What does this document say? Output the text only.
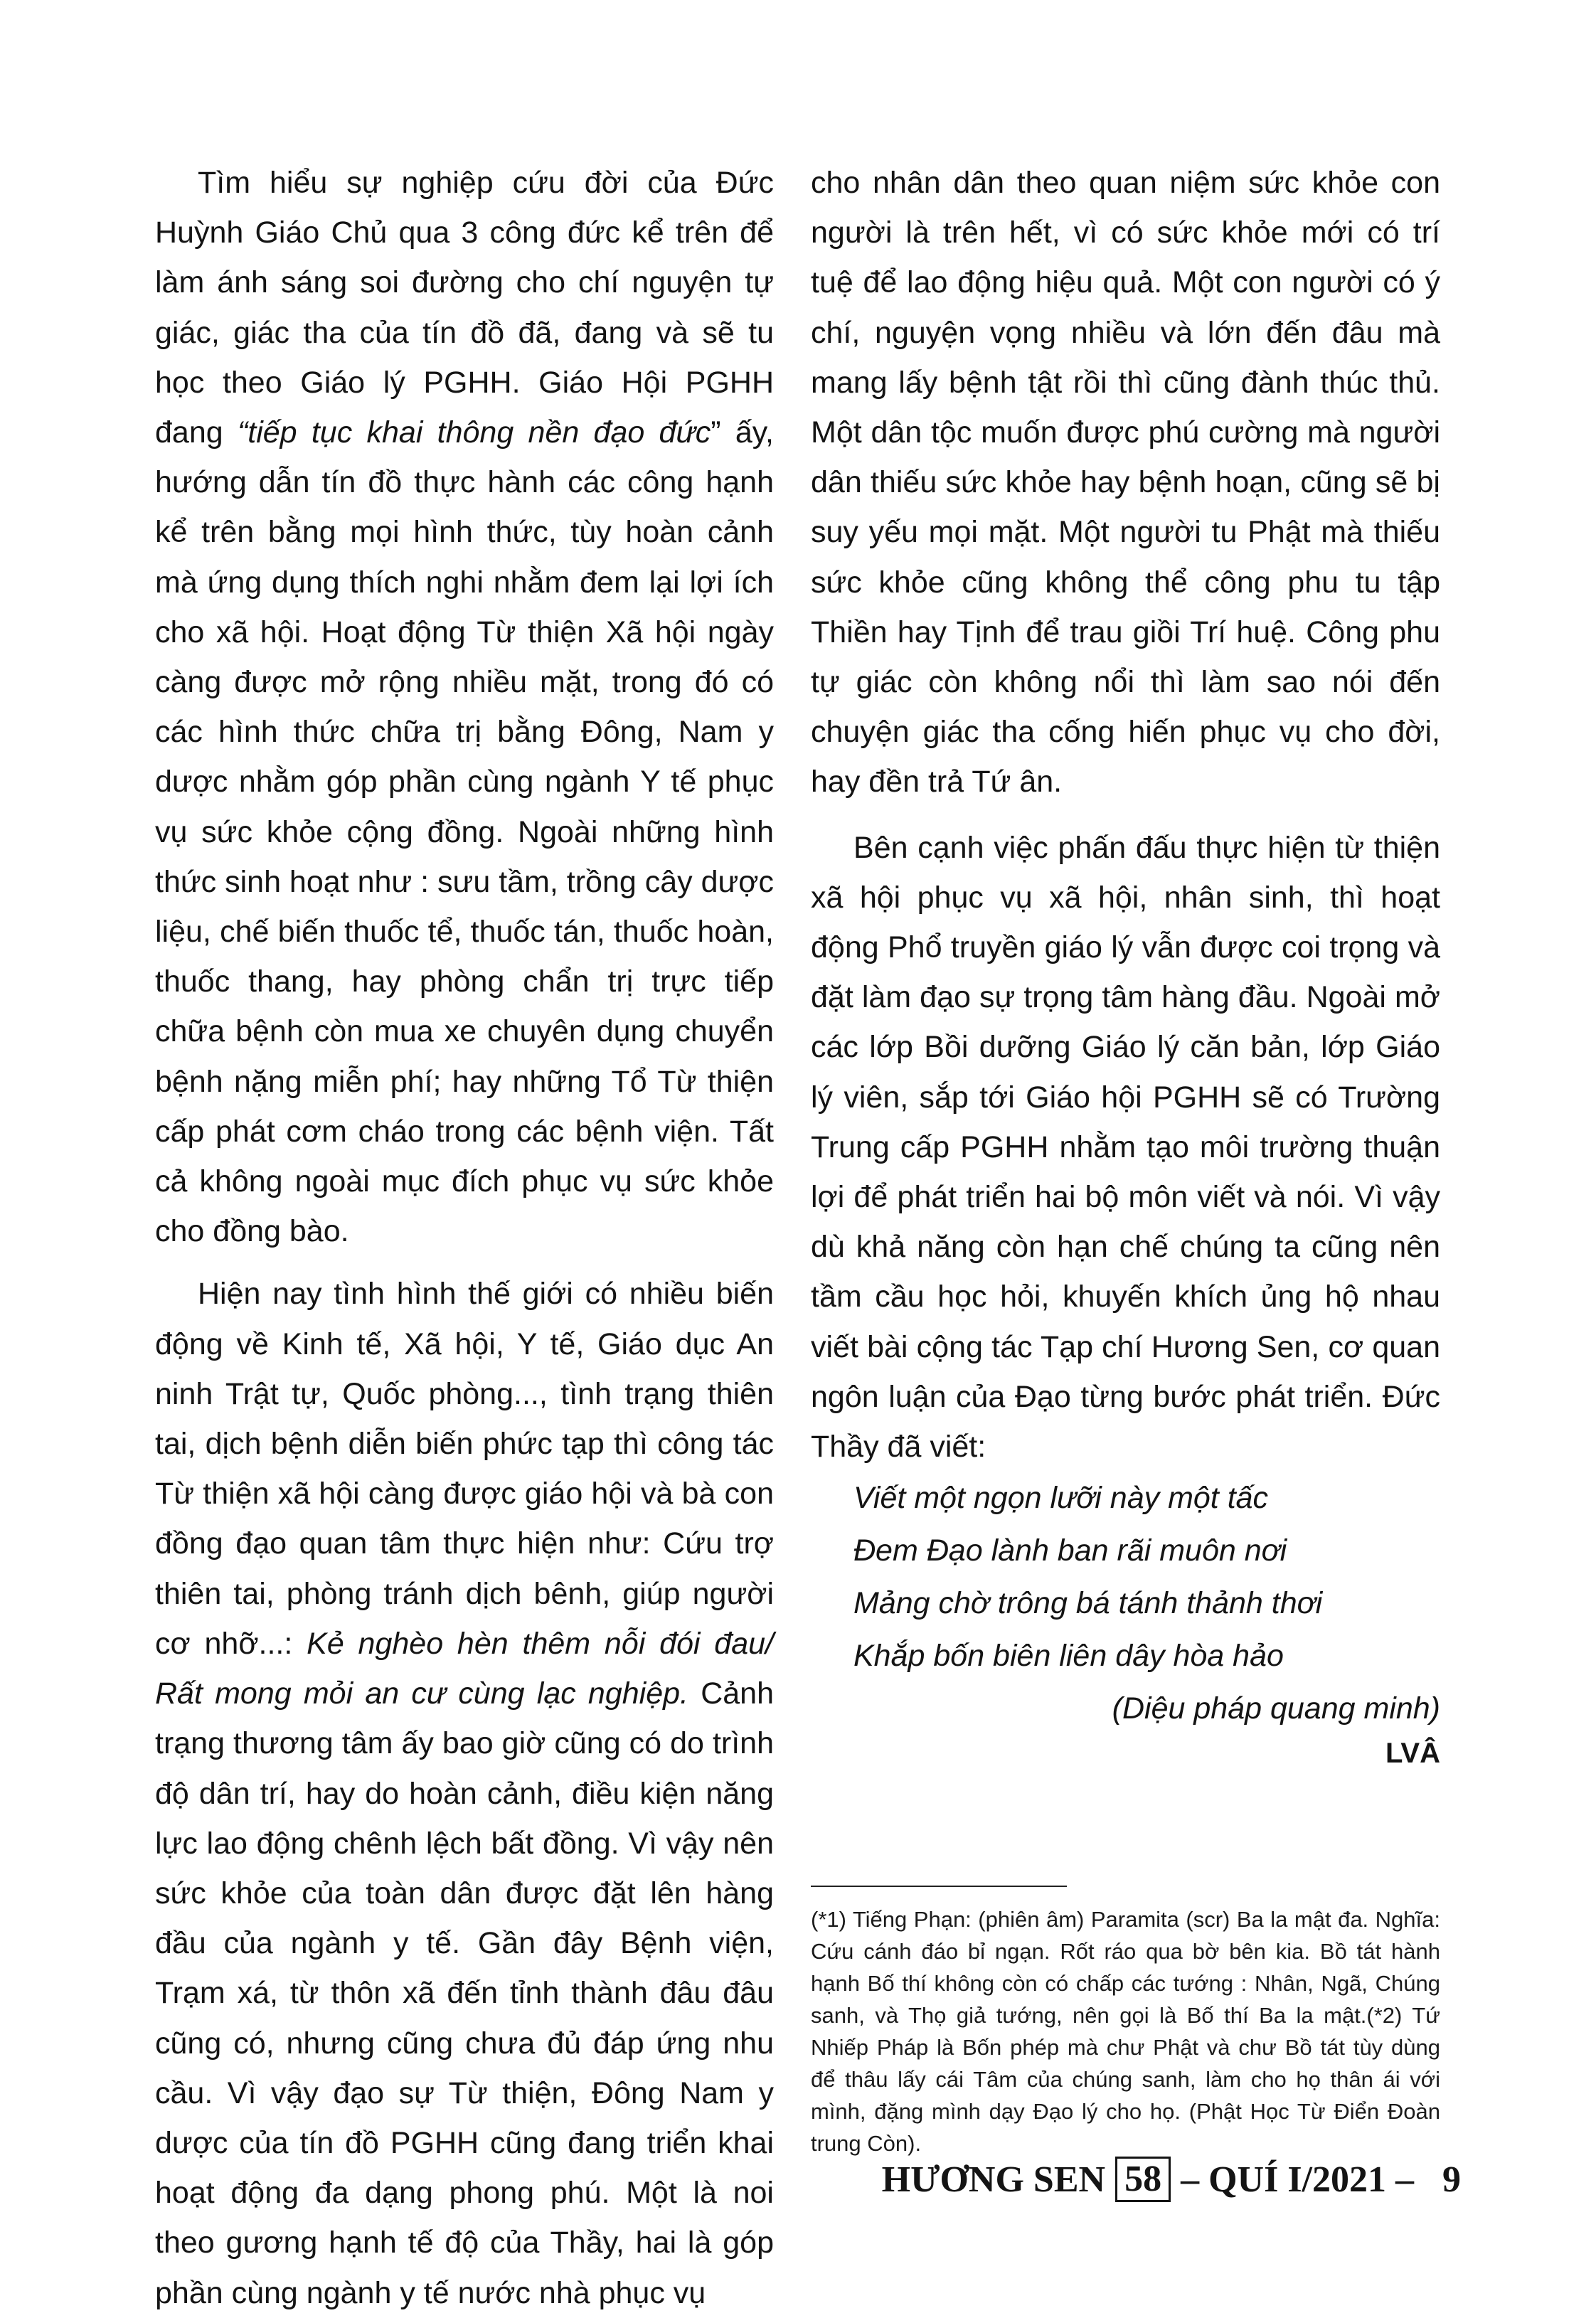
Tìm hiểu sự nghiệp cứu đời của Đức Huỳnh Giáo Chủ qua 3 công đức kể trên để làm ánh sáng soi đường cho chí nguyện tự giác, giác tha của tín đồ đã, đang và sẽ tu học theo Giáo lý PGHH. Giáo Hội PGHH đang “tiếp tục khai thông nền đạo đức” ấy, hướng dẫn tín đồ thực hành các công hạnh kể trên bằng mọi hình thức, tùy hoàn cảnh mà ứng dụng thích nghi nhằm đem lại lợi ích cho xã hội. Hoạt động Từ thiện Xã hội ngày càng được mở rộng nhiều mặt, trong đó có các hình thức chữa trị bằng Đông, Nam y dược nhằm góp phần cùng ngành Y tế phục vụ sức khỏe cộng đồng. Ngoài những hình thức sinh hoạt như : sưu tầm, trồng cây dược liệu, chế biến thuốc tể, thuốc tán, thuốc hoàn, thuốc thang, hay phòng chẩn trị trực tiếp chữa bệnh còn mua xe chuyên dụng chuyển bệnh nặng miễn phí; hay những Tổ Từ thiện cấp phát cơm cháo trong các bệnh viện. Tất cả không ngoài mục đích phục vụ sức khỏe cho đồng bào.

Hiện nay tình hình thế giới có nhiều biến động về Kinh tế, Xã hội, Y tế, Giáo dục An ninh Trật tự, Quốc phòng..., tình trạng thiên tai, dịch bệnh diễn biến phức tạp thì công tác Từ thiện xã hội càng được giáo hội và bà con đồng đạo quan tâm thực hiện như: Cứu trợ thiên tai, phòng tránh dịch bênh, giúp người cơ nhỡ...: Kẻ nghèo hèn thêm nỗi đói đau/ Rất mong mỏi an cư cùng lạc nghiệp. Cảnh trạng thương tâm ấy bao giờ cũng có do trình độ dân trí, hay do hoàn cảnh, điều kiện năng lực lao động chênh lệch bất đồng. Vì vậy nên sức khỏe của toàn dân được đặt lên hàng đầu của ngành y tế. Gần đây Bệnh viện, Trạm xá, từ thôn xã đến tỉnh thành đâu đâu cũng có, nhưng cũng chưa đủ đáp ứng nhu cầu. Vì vậy đạo sự Từ thiện, Đông Nam y dược của tín đồ PGHH cũng đang triển khai hoạt động đa dạng phong phú. Một là noi theo gương hạnh tế độ của Thầy, hai là góp phần cùng ngành y tế nước nhà phục vụ

cho nhân dân theo quan niệm sức khỏe con người là trên hết, vì có sức khỏe mới có trí tuệ để lao động hiệu quả. Một con người có ý chí, nguyện vọng nhiều và lớn đến đâu mà mang lấy bệnh tật rồi thì cũng đành thúc thủ. Một dân tộc muốn được phú cường mà người dân thiếu sức khỏe hay bệnh hoạn, cũng sẽ bị suy yếu mọi mặt. Một người tu Phật mà thiếu sức khỏe cũng không thể công phu tu tập Thiền hay Tịnh để trau giồi Trí huệ. Công phu tự giác còn không nổi thì làm sao nói đến chuyện giác tha cống hiến phục vụ cho đời, hay đền trả Tứ ân.

Bên cạnh việc phấn đấu thực hiện từ thiện xã hội phục vụ xã hội, nhân sinh, thì hoạt động Phổ truyền giáo lý vẫn được coi trọng và đặt làm đạo sự trọng tâm hàng đầu. Ngoài mở các lớp Bồi dưỡng Giáo lý căn bản, lớp Giáo lý viên, sắp tới Giáo hội PGHH sẽ có Trường Trung cấp PGHH nhằm tạo môi trường thuận lợi để phát triển hai bộ môn viết và nói. Vì vậy dù khả năng còn hạn chế chúng ta cũng nên tầm cầu học hỏi, khuyến khích ủng hộ nhau viết bài cộng tác Tạp chí Hương Sen, cơ quan ngôn luận của Đạo từng bước phát triển. Đức Thầy đã viết:

Viết một ngọn lưỡi này một tấc
Đem Đạo lành ban rãi muôn nơi
Mảng chờ trông bá tánh thảnh thơi
Khắp bốn biên liên dây hòa hảo

(Diệu pháp quang minh)

LVÂ

(*1) Tiếng Phạn: (phiên âm) Paramita (scr) Ba la mật đa. Nghĩa: Cứu cánh đáo bỉ ngạn. Rốt ráo qua bờ bên kia. Bồ tát hành hạnh Bố thí không còn có chấp các tướng : Nhân, Ngã, Chúng sanh, và Thọ giả tướng, nên gọi là Bố thí Ba la mật.(*2) Tứ Nhiếp Pháp là Bốn phép mà chư Phật và chư Bồ tát tùy dùng để thâu lấy cái Tâm của chúng sanh, làm cho họ thân ái với mình, đặng mình dạy Đạo lý cho họ. (Phật Học Từ Điển Đoàn trung Còn).

HƯƠNG SEN 58 – QUÍ I/2021 – 9
